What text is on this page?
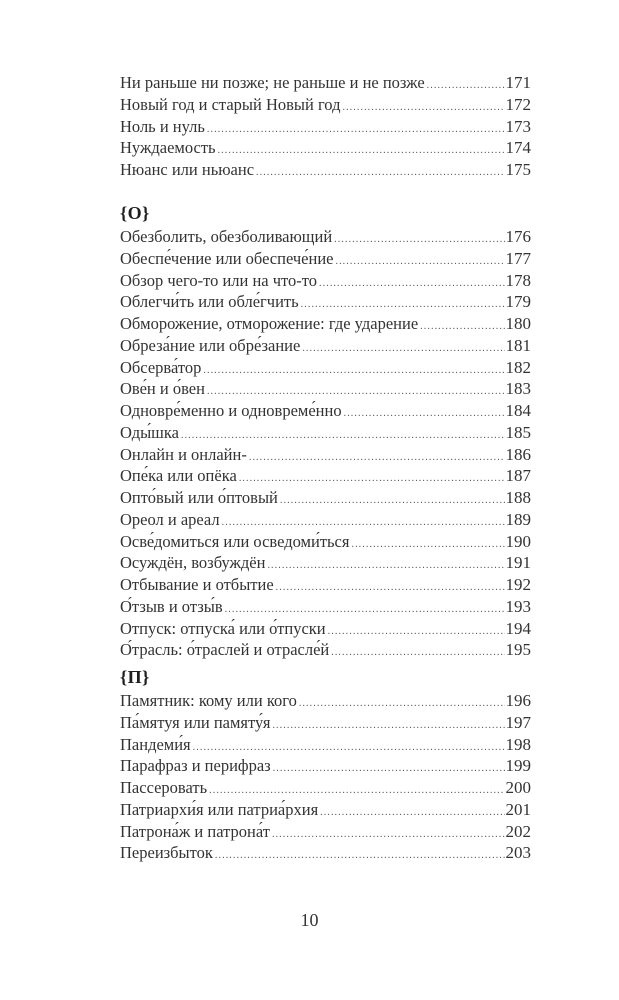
Ни раньше ни позже; не раньше и не позже .....	171
Новый год и старый Новый год .....	172
Ноль и нуль .....	173
Нуждаемость .....	174
Нюанс или ньюанс .....	175
{О}
Обезболить, обезболивающий .....	176
Обеспе́чение или обеспече́ние .....	177
Обзор чего-то или на что-то .....	178
Облегчи́ть или обле́гчить .....	179
Обморожение, отморожение: где ударение .....	180
Обреза́ние или обре́зание .....	181
Обсерва́тор .....	182
Ове́н и о́вен .....	183
Одновре́менно и одновреме́нно .....	184
Оды́шка .....	185
Онлайн и онлайн- .....	186
Опе́ка или опёка .....	187
Опто́вый или о́птовый .....	188
Ореол и ареал .....	189
Осве́домиться или осведоми́ться .....	190
Осуждён, возбуждён .....	191
Отбывание и отбытие .....	192
О́тзыв и отзы́в .....	193
Отпуск: отпуска́ или о́тпуски .....	194
О́трасль: о́траслей и отрасле́й .....	195
{П}
Памятник: кому или кого .....	196
Па́мятуя или памяту́я .....	197
Пандеми́я .....	198
Парафраз и перифраз .....	199
Пассеровать .....	200
Патриархи́я или патриа́рхия .....	201
Патрона́ж и патрона́т .....	202
Переизбыток .....	203
10
